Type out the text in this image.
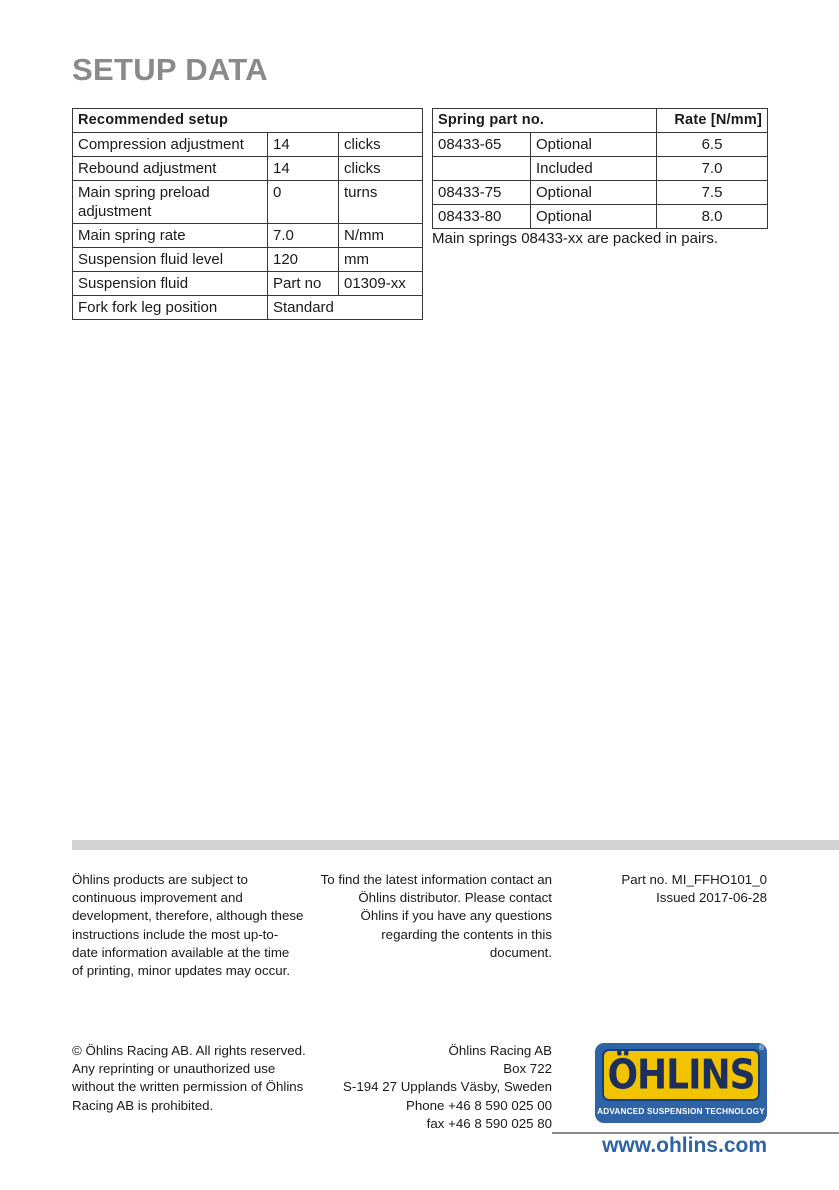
SETUP DATA
Recommended setup		
Compression adjustment	14	clicks
Rebound adjustment	14	clicks
Main spring preload adjustment	0	turns
Main spring rate	7.0	N/mm
Suspension fluid level	120	mm
Suspension fluid	Part no	01309-xx
Fork fork leg position	Standard	
Spring part no.		Rate [N/mm]
08433-65	Optional	6.5
	Included	7.0
08433-75	Optional	7.5
08433-80	Optional	8.0

Main springs 08433-xx are packed in pairs.

Öhlins products are subject to continuous improvement and development, therefore, although these instructions include the most up-to-date information available at the time of printing, minor updates may occur.

To find the latest information contact an Öhlins distributor. Please contact Öhlins if you have any questions regarding the contents in this document.

Part no. MI_FFHO101_0
Issued 2017-06-28

© Öhlins Racing AB. All rights reserved. Any reprinting or unauthorized use without the written permission of Öhlins Racing AB is prohibited.

Öhlins Racing AB
Box 722
S-194 27 Upplands Väsby, Sweden
Phone +46 8 590 025 00
fax +46 8 590 025 80
ÖHLINS
®
ADVANCED SUSPENSION TECHNOLOGY
www.ohlins.com
